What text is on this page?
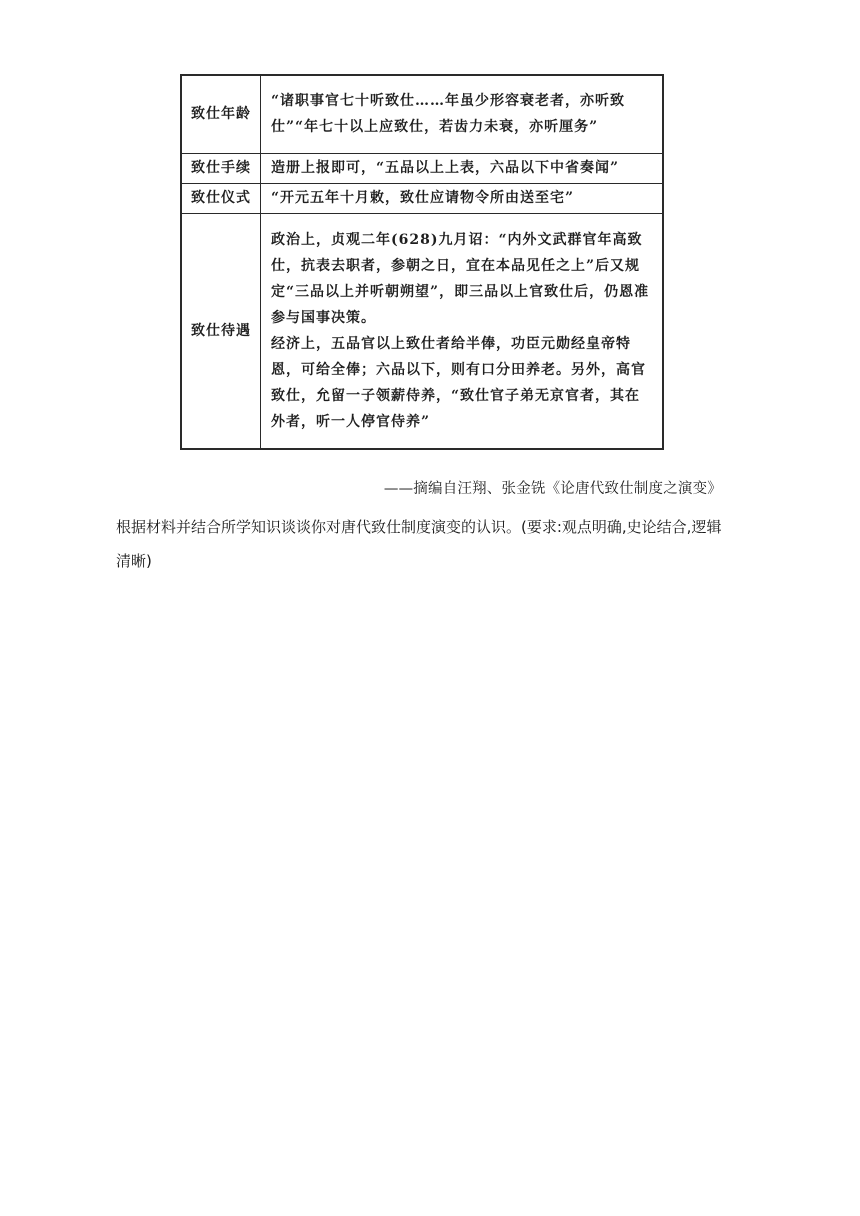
致仕年龄	“诸职事官七十听致仕……年虽少形容衰老者，亦听致仕”“年七十以上应致仕，若齿力未衰，亦听厘务”

致仕手续	造册上报即可，“五品以上上表，六品以下中省奏闻”

致仕仪式	“开元五年十月敕，致仕应请物令所由送至宅”

致仕待遇	政治上，贞观二年(628)九月诏：“内外文武群官年高致仕，抗表去职者，参朝之日，宜在本品见任之上”后又规定“三品以上并听朝朔望”，即三品以上官致仕后，仍恩准参与国事决策。
经济上，五品官以上致仕者给半俸，功臣元勋经皇帝特恩，可给全俸；六品以下，则有口分田养老。另外，高官致仕，允留一子领薪侍养，“致仕官子弟无京官者，其在外者，听一人停官侍养”
——摘编自汪翔、张金铣《论唐代致仕制度之演变》
根据材料并结合所学知识谈谈你对唐代致仕制度演变的认识。(要求:观点明确,史论结合,逻辑清晰)
